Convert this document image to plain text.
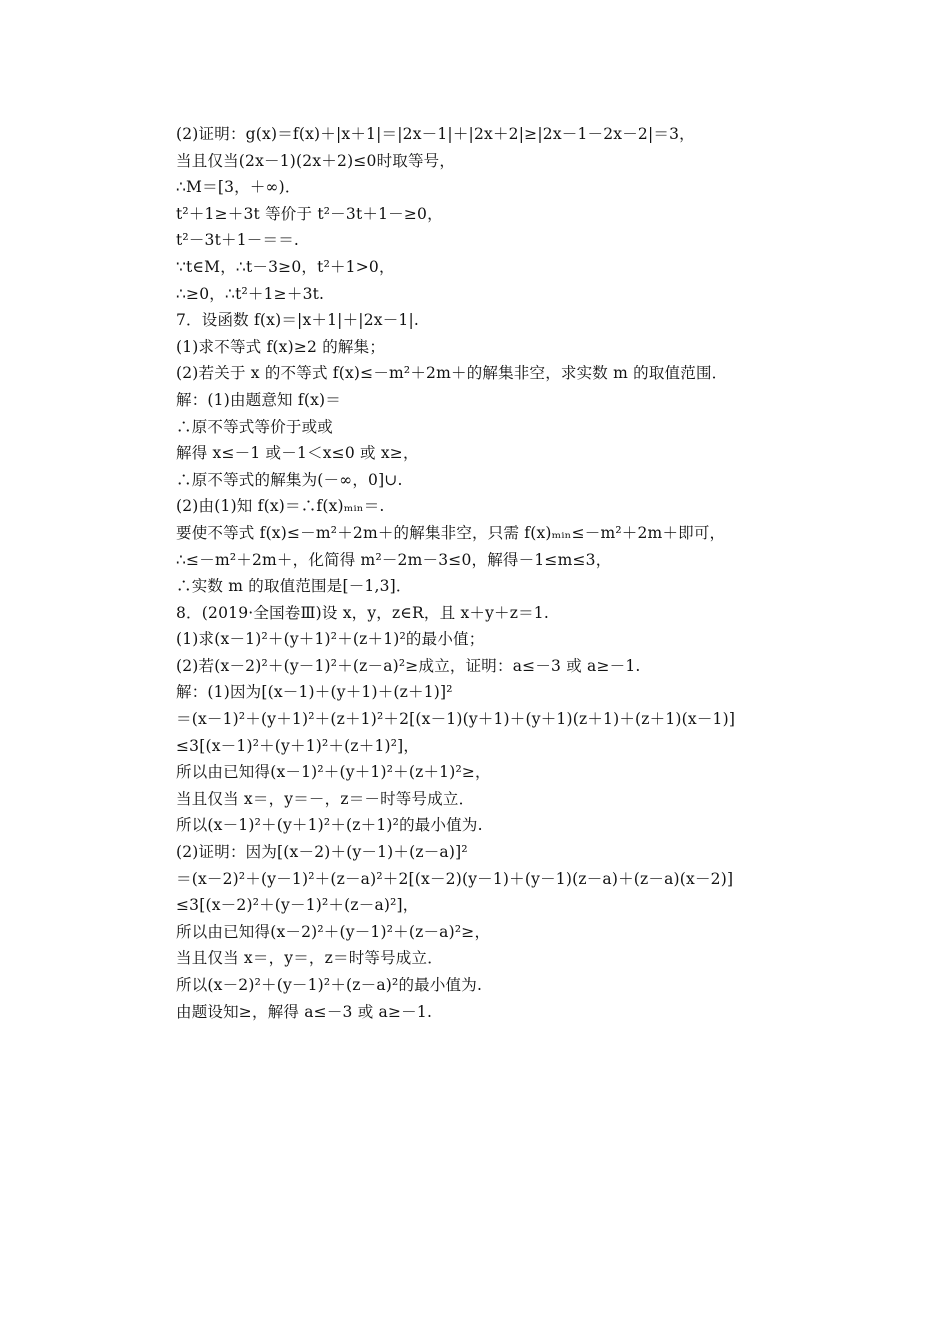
(2)证明：g(x)＝f(x)＋|x＋1|＝|2x－1|＋|2x＋2|≥|2x－1－2x－2|＝3，
当且仅当(2x－1)(2x＋2)≤0时取等号，
∴M＝[3，＋∞)．
t²＋1≥＋3t 等价于 t²－3t＋1－≥0，
t²－3t＋1－＝＝.
∵t∈M，∴t－3≥0，t²＋1>0，
∴≥0，∴t²＋1≥＋3t.
7．设函数 f(x)＝|x＋1|＋|2x－1|.
(1)求不等式 f(x)≥2 的解集；
(2)若关于 x 的不等式 f(x)≤－m²＋2m＋的解集非空，求实数 m 的取值范围．
解：(1)由题意知 f(x)＝
∴原不等式等价于或或
解得 x≤－1 或－1＜x≤0 或 x≥，
∴原不等式的解集为(－∞，0]∪.
(2)由(1)知 f(x)＝∴f(x)ₘᵢₙ＝.
要使不等式 f(x)≤－m²＋2m＋的解集非空，只需 f(x)ₘᵢₙ≤－m²＋2m＋即可，
∴≤－m²＋2m＋，化简得 m²－2m－3≤0，解得－1≤m≤3，
∴实数 m 的取值范围是[－1,3]．
8．(2019·全国卷Ⅲ)设 x，y，z∈R，且 x＋y＋z＝1.
(1)求(x－1)²＋(y＋1)²＋(z＋1)²的最小值；
(2)若(x－2)²＋(y－1)²＋(z－a)²≥成立，证明：a≤－3 或 a≥－1.
解：(1)因为[(x－1)＋(y＋1)＋(z＋1)]²
＝(x－1)²＋(y＋1)²＋(z＋1)²＋2[(x－1)(y＋1)＋(y＋1)(z＋1)＋(z＋1)(x－1)]
≤3[(x－1)²＋(y＋1)²＋(z＋1)²]，
所以由已知得(x－1)²＋(y＋1)²＋(z＋1)²≥，
当且仅当 x＝，y＝－，z＝－时等号成立．
所以(x－1)²＋(y＋1)²＋(z＋1)²的最小值为.
(2)证明：因为[(x－2)＋(y－1)＋(z－a)]²
＝(x－2)²＋(y－1)²＋(z－a)²＋2[(x－2)(y－1)＋(y－1)(z－a)＋(z－a)(x－2)]
≤3[(x－2)²＋(y－1)²＋(z－a)²]，
所以由已知得(x－2)²＋(y－1)²＋(z－a)²≥，
当且仅当 x＝，y＝，z＝时等号成立．
所以(x－2)²＋(y－1)²＋(z－a)²的最小值为.
由题设知≥，解得 a≤－3 或 a≥－1.
